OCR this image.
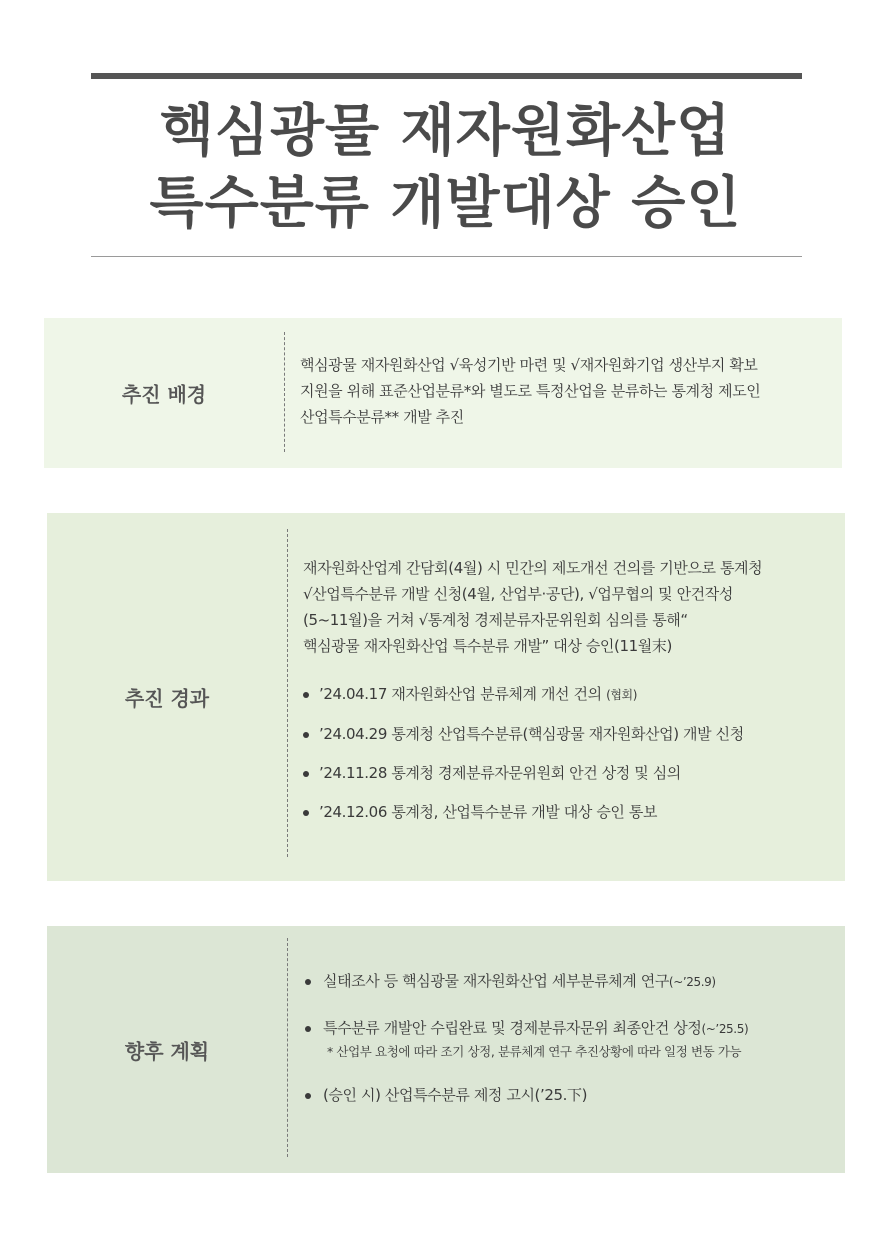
핵심광물 재자원화산업
특수분류 개발대상 승인
추진 배경
핵심광물 재자원화산업 √육성기반 마련 및 √재자원화기업 생산부지 확보
지원을 위해 표준산업분류*와 별도로 특정산업을 분류하는 통계청 제도인
산업특수분류** 개발 추진
추진 경과
재자원화산업계 간담회(4월) 시 민간의 제도개선 건의를 기반으로 통계청
√산업특수분류 개발 신청(4월, 산업부·공단), √업무협의 및 안건작성
(5~11월)을 거쳐 √통계청 경제분류자문위원회 심의를 통해“
핵심광물 재자원화산업 특수분류 개발” 대상 승인(11월末)
’24.04.17 재자원화산업 분류체계 개선 건의 (협회)
’24.04.29 통계청 산업특수분류(핵심광물 재자원화산업) 개발 신청
’24.11.28 통계청 경제분류자문위원회 안건 상정 및 심의
’24.12.06 통계청, 산업특수분류 개발 대상 승인 통보
향후 계획
실태조사 등 핵심광물 재자원화산업 세부분류체계 연구(~’25.9)
특수분류 개발안 수립완료 및 경제분류자문위 최종안건 상정(~’25.5)
* 산업부 요청에 따라 조기 상정, 분류체계 연구 추진상황에 따라 일정 변동 가능
(승인 시) 산업특수분류 제정 고시(’25.下)
